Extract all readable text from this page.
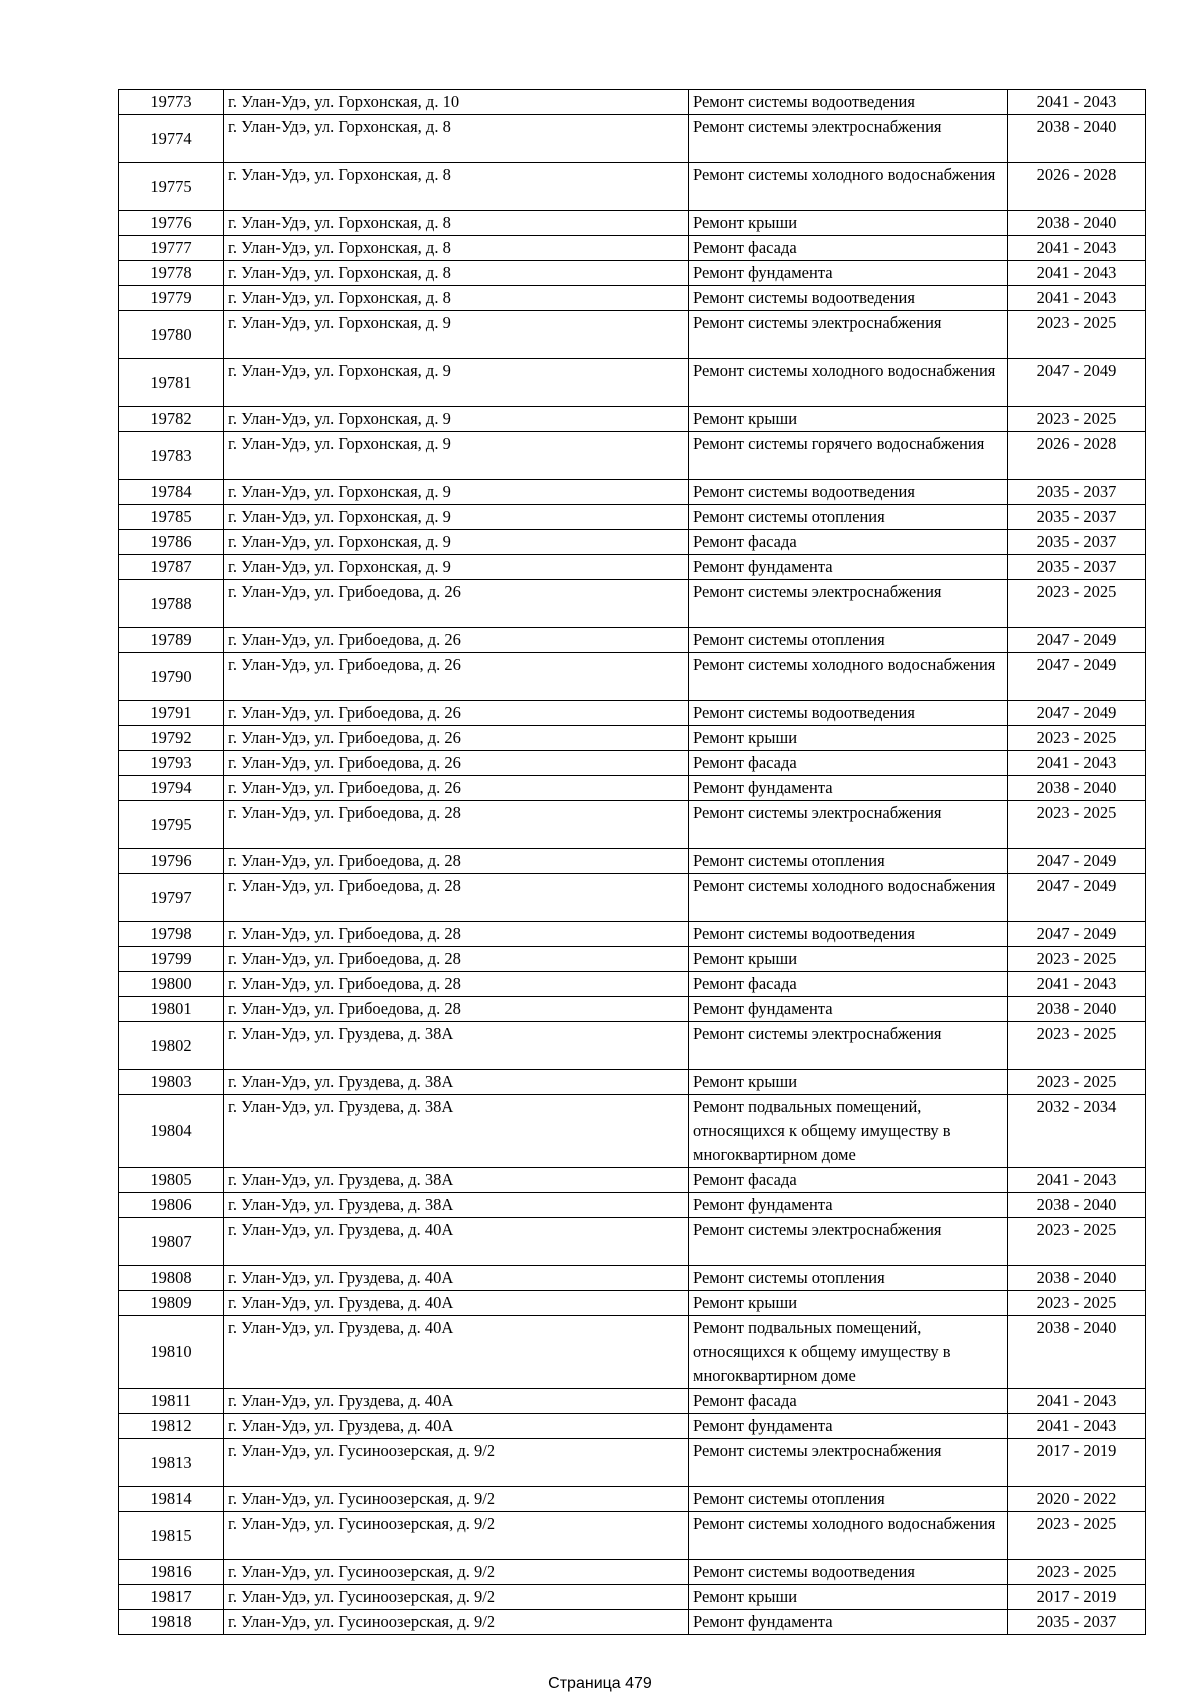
19773	г. Улан-Удэ, ул. Горхонская, д. 10	Ремонт системы водоотведения	2041 - 2043
19774	г. Улан-Удэ, ул. Горхонская, д. 8	Ремонт системы электроснабжения	2038 - 2040
19775	г. Улан-Удэ, ул. Горхонская, д. 8	Ремонт системы холодного водоснабжения	2026 - 2028
19776	г. Улан-Удэ, ул. Горхонская, д. 8	Ремонт крыши	2038 - 2040
19777	г. Улан-Удэ, ул. Горхонская, д. 8	Ремонт фасада	2041 - 2043
19778	г. Улан-Удэ, ул. Горхонская, д. 8	Ремонт фундамента	2041 - 2043
19779	г. Улан-Удэ, ул. Горхонская, д. 8	Ремонт системы водоотведения	2041 - 2043
19780	г. Улан-Удэ, ул. Горхонская, д. 9	Ремонт системы электроснабжения	2023 - 2025
19781	г. Улан-Удэ, ул. Горхонская, д. 9	Ремонт системы холодного водоснабжения	2047 - 2049
19782	г. Улан-Удэ, ул. Горхонская, д. 9	Ремонт крыши	2023 - 2025
19783	г. Улан-Удэ, ул. Горхонская, д. 9	Ремонт системы горячего водоснабжения	2026 - 2028
19784	г. Улан-Удэ, ул. Горхонская, д. 9	Ремонт системы водоотведения	2035 - 2037
19785	г. Улан-Удэ, ул. Горхонская, д. 9	Ремонт системы отопления	2035 - 2037
19786	г. Улан-Удэ, ул. Горхонская, д. 9	Ремонт фасада	2035 - 2037
19787	г. Улан-Удэ, ул. Горхонская, д. 9	Ремонт фундамента	2035 - 2037
19788	г. Улан-Удэ, ул. Грибоедова, д. 26	Ремонт системы электроснабжения	2023 - 2025
19789	г. Улан-Удэ, ул. Грибоедова, д. 26	Ремонт системы отопления	2047 - 2049
19790	г. Улан-Удэ, ул. Грибоедова, д. 26	Ремонт системы холодного водоснабжения	2047 - 2049
19791	г. Улан-Удэ, ул. Грибоедова, д. 26	Ремонт системы водоотведения	2047 - 2049
19792	г. Улан-Удэ, ул. Грибоедова, д. 26	Ремонт крыши	2023 - 2025
19793	г. Улан-Удэ, ул. Грибоедова, д. 26	Ремонт фасада	2041 - 2043
19794	г. Улан-Удэ, ул. Грибоедова, д. 26	Ремонт фундамента	2038 - 2040
19795	г. Улан-Удэ, ул. Грибоедова, д. 28	Ремонт системы электроснабжения	2023 - 2025
19796	г. Улан-Удэ, ул. Грибоедова, д. 28	Ремонт системы отопления	2047 - 2049
19797	г. Улан-Удэ, ул. Грибоедова, д. 28	Ремонт системы холодного водоснабжения	2047 - 2049
19798	г. Улан-Удэ, ул. Грибоедова, д. 28	Ремонт системы водоотведения	2047 - 2049
19799	г. Улан-Удэ, ул. Грибоедова, д. 28	Ремонт крыши	2023 - 2025
19800	г. Улан-Удэ, ул. Грибоедова, д. 28	Ремонт фасада	2041 - 2043
19801	г. Улан-Удэ, ул. Грибоедова, д. 28	Ремонт фундамента	2038 - 2040
19802	г. Улан-Удэ, ул. Груздева, д. 38А	Ремонт системы электроснабжения	2023 - 2025
19803	г. Улан-Удэ, ул. Груздева, д. 38А	Ремонт крыши	2023 - 2025
19804	г. Улан-Удэ, ул. Груздева, д. 38А	Ремонт подвальных помещений, относящихся к общему имуществу в многоквартирном доме	2032 - 2034
19805	г. Улан-Удэ, ул. Груздева, д. 38А	Ремонт фасада	2041 - 2043
19806	г. Улан-Удэ, ул. Груздева, д. 38А	Ремонт фундамента	2038 - 2040
19807	г. Улан-Удэ, ул. Груздева, д. 40А	Ремонт системы электроснабжения	2023 - 2025
19808	г. Улан-Удэ, ул. Груздева, д. 40А	Ремонт системы отопления	2038 - 2040
19809	г. Улан-Удэ, ул. Груздева, д. 40А	Ремонт крыши	2023 - 2025
19810	г. Улан-Удэ, ул. Груздева, д. 40А	Ремонт подвальных помещений, относящихся к общему имуществу в многоквартирном доме	2038 - 2040
19811	г. Улан-Удэ, ул. Груздева, д. 40А	Ремонт фасада	2041 - 2043
19812	г. Улан-Удэ, ул. Груздева, д. 40А	Ремонт фундамента	2041 - 2043
19813	г. Улан-Удэ, ул. Гусиноозерская, д. 9/2	Ремонт системы электроснабжения	2017 - 2019
19814	г. Улан-Удэ, ул. Гусиноозерская, д. 9/2	Ремонт системы отопления	2020 - 2022
19815	г. Улан-Удэ, ул. Гусиноозерская, д. 9/2	Ремонт системы холодного водоснабжения	2023 - 2025
19816	г. Улан-Удэ, ул. Гусиноозерская, д. 9/2	Ремонт системы водоотведения	2023 - 2025
19817	г. Улан-Удэ, ул. Гусиноозерская, д. 9/2	Ремонт крыши	2017 - 2019
19818	г. Улан-Удэ, ул. Гусиноозерская, д. 9/2	Ремонт фундамента	2035 - 2037
Страница 479
